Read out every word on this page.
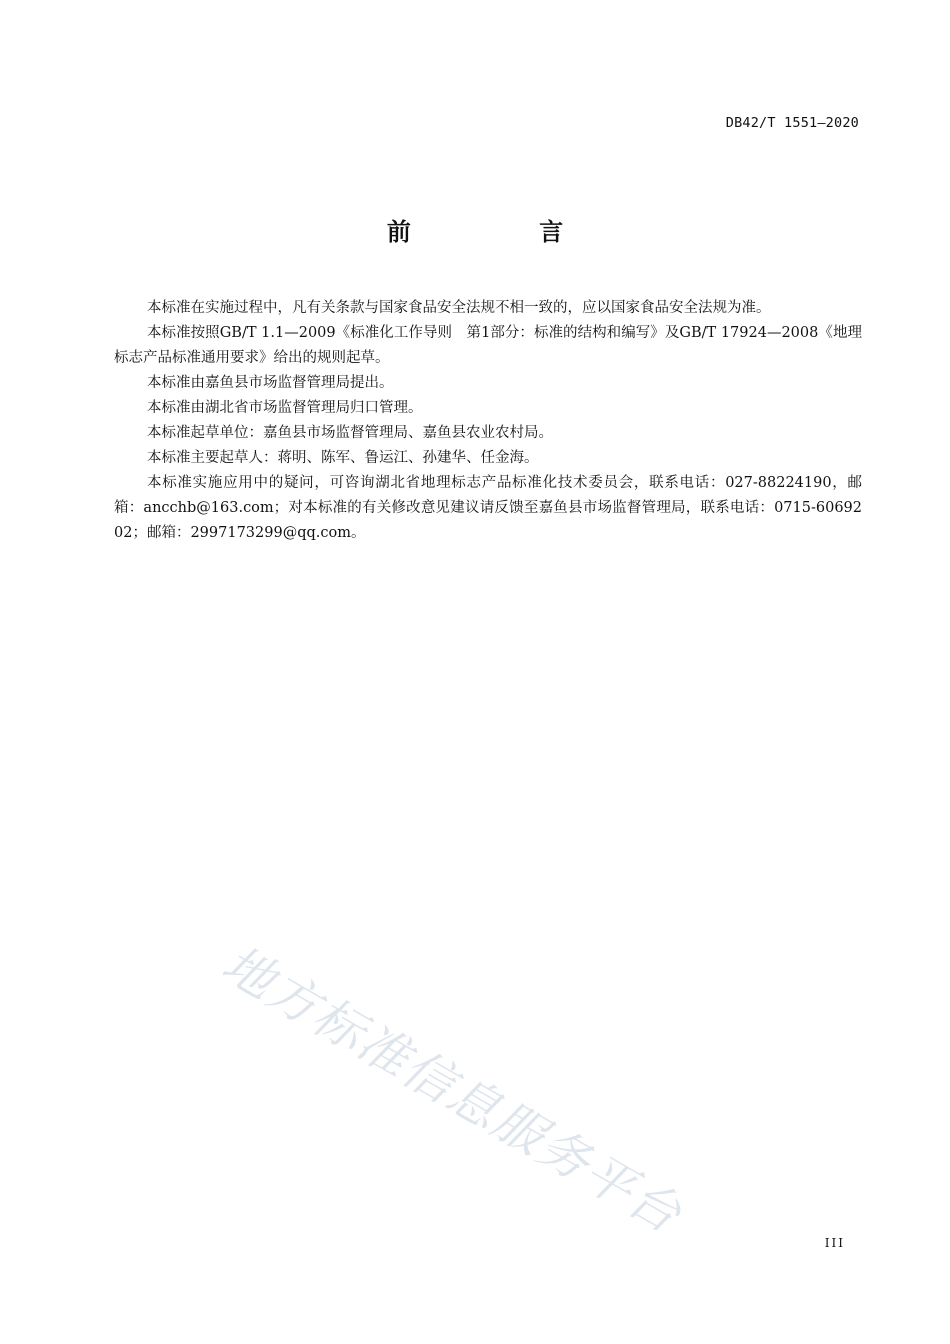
DB42/T 1551—2020
前 言

本标准在实施过程中，凡有关条款与国家食品安全法规不相一致的，应以国家食品安全法规为准。

本标准按照GB/T 1.1—2009《标准化工作导则　第1部分：标准的结构和编写》及GB/T 17924—2008《地理标志产品标准通用要求》给出的规则起草。

本标准由嘉鱼县市场监督管理局提出。

本标准由湖北省市场监督管理局归口管理。

本标准起草单位：嘉鱼县市场监督管理局、嘉鱼县农业农村局。

本标准主要起草人：蒋明、陈军、鲁运江、孙建华、任金海。

本标准实施应用中的疑问，可咨询湖北省地理标志产品标准化技术委员会，联系电话：027-88224190，邮箱：ancchb@163.com；对本标准的有关修改意见建议请反馈至嘉鱼县市场监督管理局，联系电话：0715-6069202；邮箱：2997173299@qq.com。

地方标准信息服务平台	III
